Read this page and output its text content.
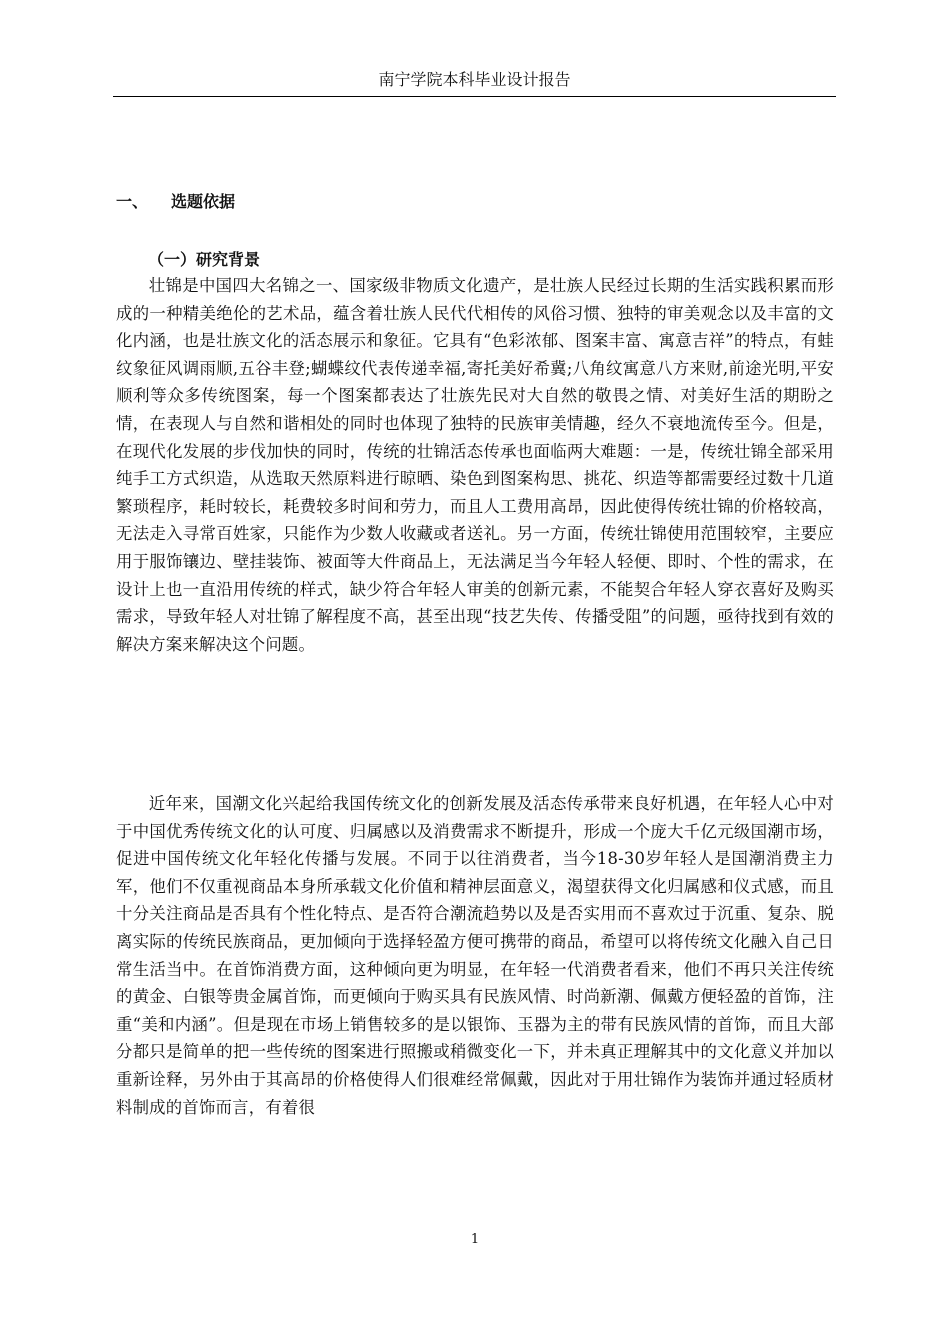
南宁学院本科毕业设计报告
一、 选题依据
（一）研究背景

壮锦是中国四大名锦之一、国家级非物质文化遗产，是壮族人民经过长期的生活实践积累而形成的一种精美绝伦的艺术品，蕴含着壮族人民代代相传的风俗习惯、独特的审美观念以及丰富的文化内涵，也是壮族文化的活态展示和象征。它具有“色彩浓郁、图案丰富、寓意吉祥”的特点，有蛙纹象征风调雨顺,五谷丰登;蝴蝶纹代表传递幸福,寄托美好希冀;八角纹寓意八方来财,前途光明,平安顺利等众多传统图案，每一个图案都表达了壮族先民对大自然的敬畏之情、对美好生活的期盼之情，在表现人与自然和谐相处的同时也体现了独特的民族审美情趣，经久不衰地流传至今。但是，在现代化发展的步伐加快的同时，传统的壮锦活态传承也面临两大难题：一是，传统壮锦全部采用纯手工方式织造，从选取天然原料进行晾晒、染色到图案构思、挑花、织造等都需要经过数十几道繁琐程序，耗时较长，耗费较多时间和劳力，而且人工费用高昂，因此使得传统壮锦的价格较高，无法走入寻常百姓家，只能作为少数人收藏或者送礼。另一方面，传统壮锦使用范围较窄，主要应用于服饰镶边、壁挂装饰、被面等大件商品上，无法满足当今年轻人轻便、即时、个性的需求，在设计上也一直沿用传统的样式，缺少符合年轻人审美的创新元素，不能契合年轻人穿衣喜好及购买需求，导致年轻人对壮锦了解程度不高，甚至出现“技艺失传、传播受阻”的问题，亟待找到有效的解决方案来解决这个问题。

近年来，国潮文化兴起给我国传统文化的创新发展及活态传承带来良好机遇，在年轻人心中对于中国优秀传统文化的认可度、归属感以及消费需求不断提升，形成一个庞大千亿元级国潮市场，促进中国传统文化年轻化传播与发展。不同于以往消费者，当今18-30岁年轻人是国潮消费主力军，他们不仅重视商品本身所承载文化价值和精神层面意义，渴望获得文化归属感和仪式感，而且十分关注商品是否具有个性化特点、是否符合潮流趋势以及是否实用而不喜欢过于沉重、复杂、脱离实际的传统民族商品，更加倾向于选择轻盈方便可携带的商品，希望可以将传统文化融入自己日常生活当中。在首饰消费方面，这种倾向更为明显，在年轻一代消费者看来，他们不再只关注传统的黄金、白银等贵金属首饰，而更倾向于购买具有民族风情、时尚新潮、佩戴方便轻盈的首饰，注重“美和内涵”。但是现在市场上销售较多的是以银饰、玉器为主的带有民族风情的首饰，而且大部分都只是简单的把一些传统的图案进行照搬或稍微变化一下，并未真正理解其中的文化意义并加以重新诠释，另外由于其高昂的价格使得人们很难经常佩戴，因此对于用壮锦作为装饰并通过轻质材料制成的首饰而言，有着很

1
